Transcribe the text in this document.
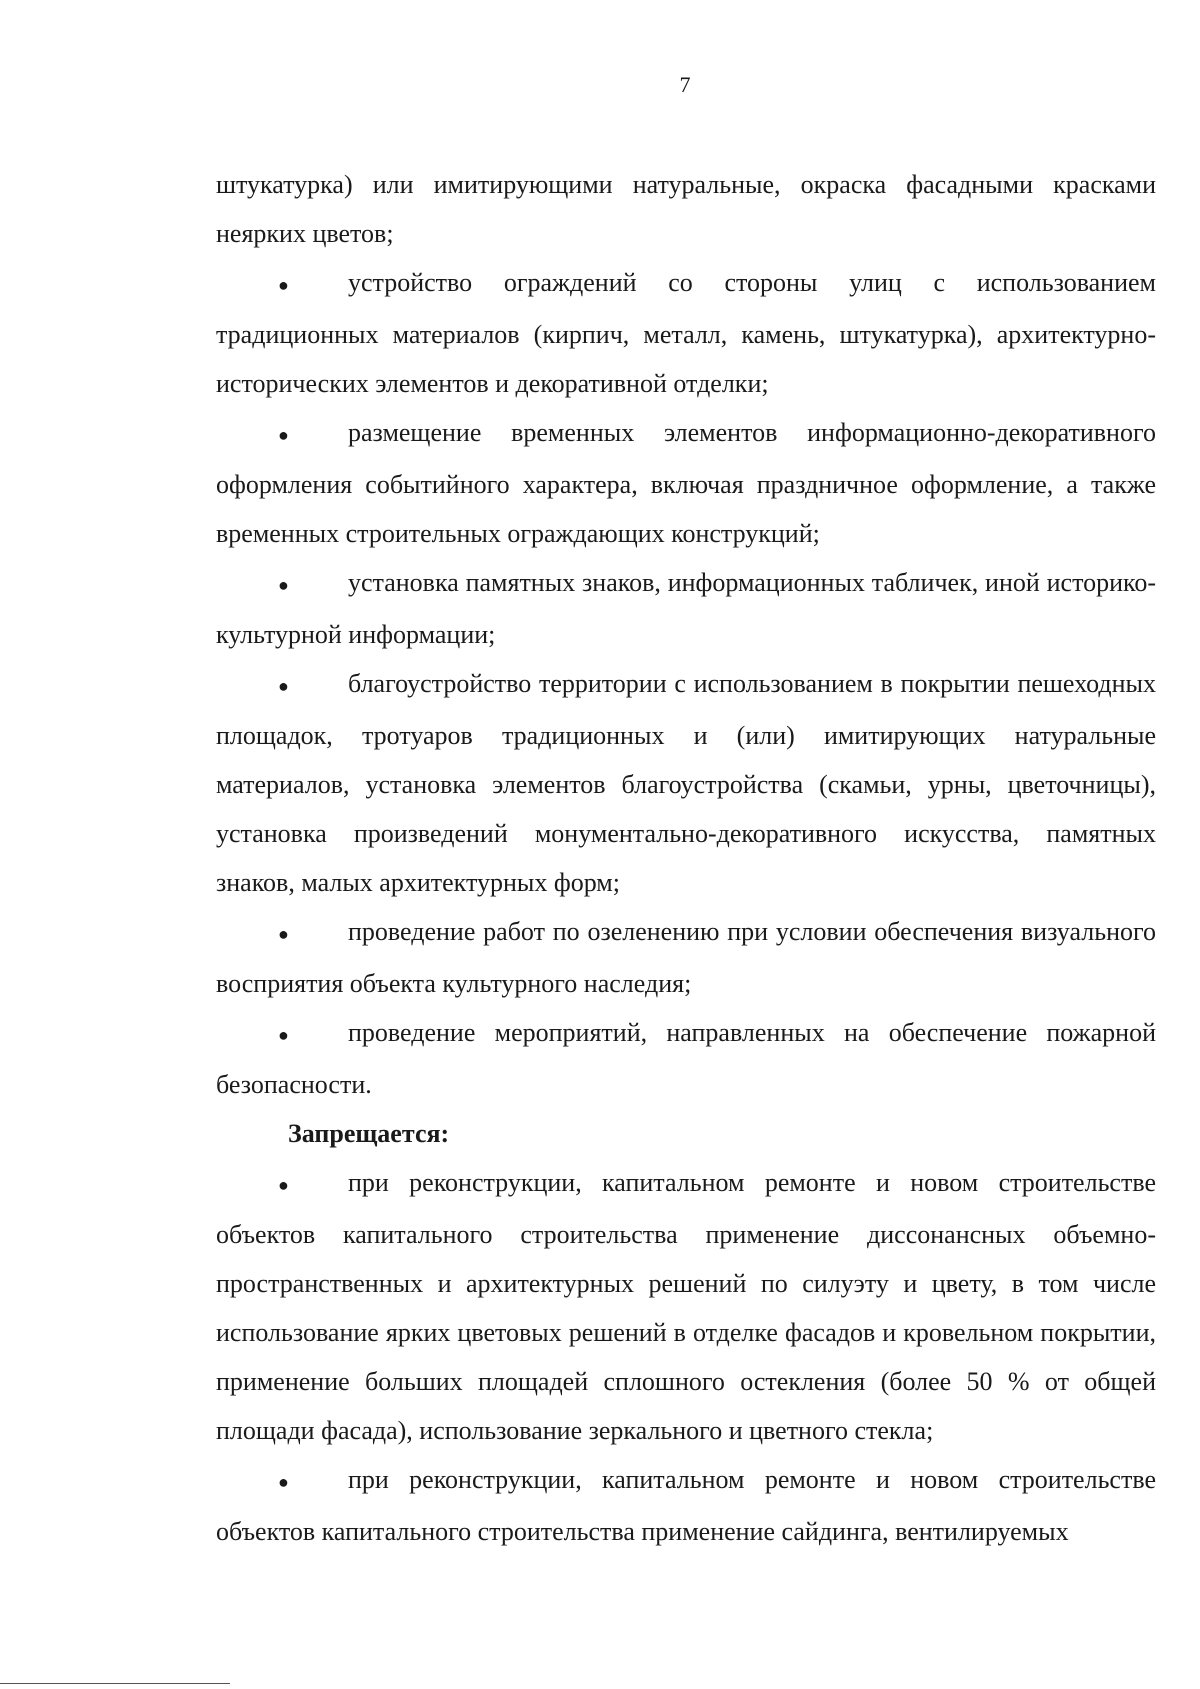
7

штукатурка) или имитирующими натуральные, окраска фасадными красками неярких цветов;

● устройство ограждений со стороны улиц с использованием традиционных материалов (кирпич, металл, камень, штукатурка), архитектурно-исторических элементов и декоративной отделки;

● размещение временных элементов информационно-декоративного оформления событийного характера, включая праздничное оформление, а также временных строительных ограждающих конструкций;

● установка памятных знаков, информационных табличек, иной историко-культурной информации;

● благоустройство территории с использованием в покрытии пешеходных площадок, тротуаров традиционных и (или) имитирующих натуральные материалов, установка элементов благоустройства (скамьи, урны, цветочницы), установка произведений монументально-декоративного искусства, памятных знаков, малых архитектурных форм;

● проведение работ по озеленению при условии обеспечения визуального восприятия объекта культурного наследия;

● проведение мероприятий, направленных на обеспечение пожарной безопасности.

Запрещается:

● при реконструкции, капитальном ремонте и новом строительстве объектов капитального строительства применение диссонансных объемно-пространственных и архитектурных решений по силуэту и цвету, в том числе использование ярких цветовых решений в отделке фасадов и кровельном покрытии, применение больших площадей сплошного остекления (более 50 % от общей площади фасада), использование зеркального и цветного стекла;

● при реконструкции, капитальном ремонте и новом строительстве объектов капитального строительства применение сайдинга, вентилируемых
